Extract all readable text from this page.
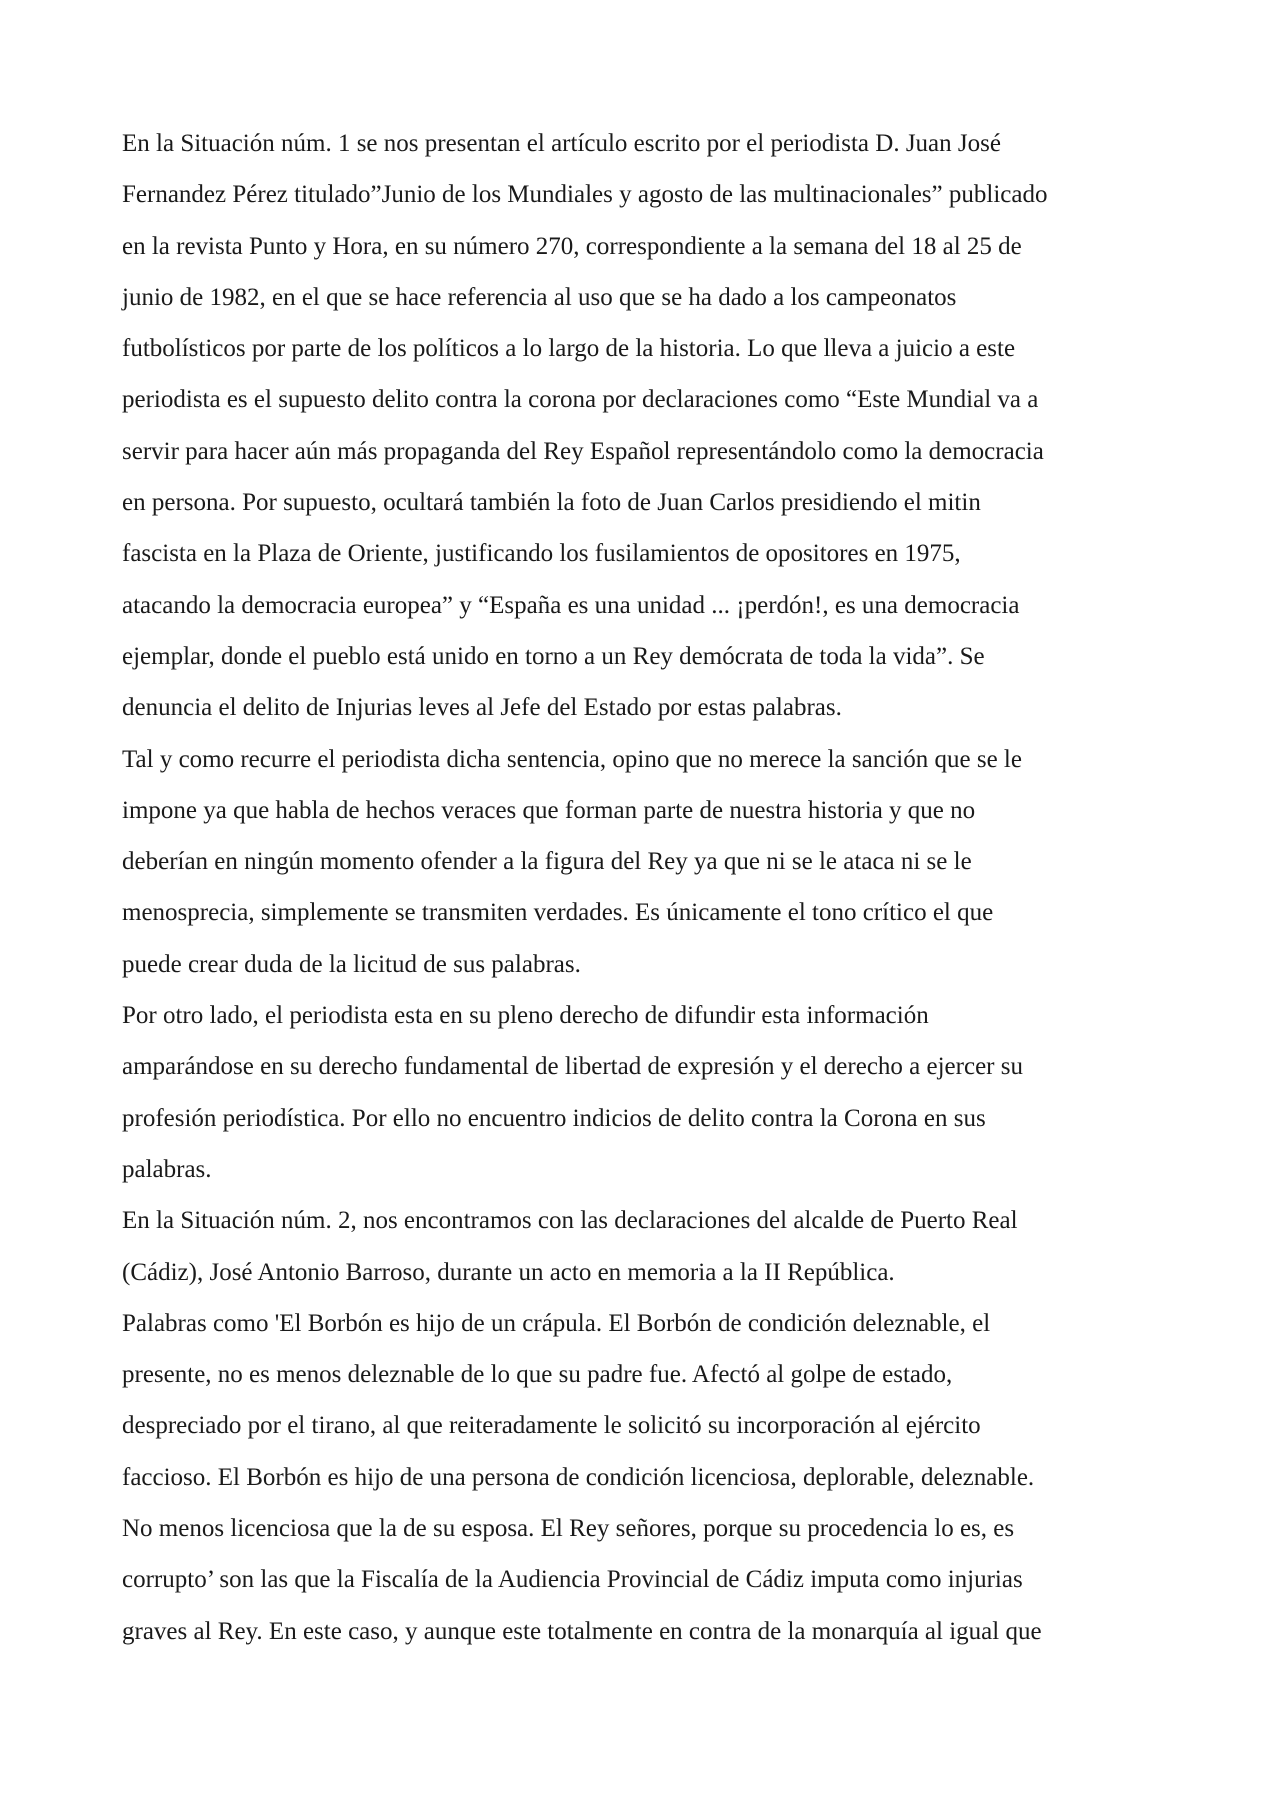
En la Situación núm. 1 se nos presentan el artículo escrito por el periodista D. Juan José
Fernandez Pérez titulado”Junio de los Mundiales y agosto de las multinacionales” publicado
en la revista Punto y Hora, en su número 270, correspondiente a la semana del 18 al 25 de
junio de 1982, en el que se hace referencia al uso que se ha dado a los campeonatos
futbolísticos por parte de los políticos a lo largo de la historia. Lo que lleva a juicio a este
periodista es el supuesto delito contra la corona por declaraciones como “Este Mundial va a
servir para hacer aún más propaganda del Rey Español representándolo como la democracia
en persona. Por supuesto, ocultará también la foto de Juan Carlos presidiendo el mitin
fascista en la Plaza de Oriente, justificando los fusilamientos de opositores en 1975,
atacando la democracia europea” y “España es una unidad ... ¡perdón!, es una democracia
ejemplar, donde el pueblo está unido en torno a un Rey demócrata de toda la vida”. Se
denuncia el delito de Injurias leves al Jefe del Estado por estas palabras.
Tal y como recurre el periodista dicha sentencia, opino que no merece la sanción que se le
impone ya que habla de hechos veraces que forman parte de nuestra historia y que no
deberían en ningún momento ofender a la figura del Rey ya que ni se le ataca ni se le
menosprecia, simplemente se transmiten verdades. Es únicamente el tono crítico el que
puede crear duda de la licitud de sus palabras.
Por otro lado, el periodista esta en su pleno derecho de difundir esta información
amparándose en su derecho fundamental de libertad de expresión y el derecho a ejercer su
profesión periodística. Por ello no encuentro indicios de delito contra la Corona en sus
palabras.
En la Situación núm. 2, nos encontramos con las declaraciones del alcalde de Puerto Real
(Cádiz), José Antonio Barroso, durante un acto en memoria a la II República.
Palabras como 'El Borbón es hijo de un crápula. El Borbón de condición deleznable, el
presente, no es menos deleznable de lo que su padre fue. Afectó al golpe de estado,
despreciado por el tirano, al que reiteradamente le solicitó su incorporación al ejército
faccioso. El Borbón es hijo de una persona de condición licenciosa, deplorable, deleznable.
No menos licenciosa que la de su esposa. El Rey señores, porque su procedencia lo es, es
corrupto’ son las que la Fiscalía de la Audiencia Provincial de Cádiz imputa como injurias
graves al Rey. En este caso, y aunque este totalmente en contra de la monarquía al igual que
